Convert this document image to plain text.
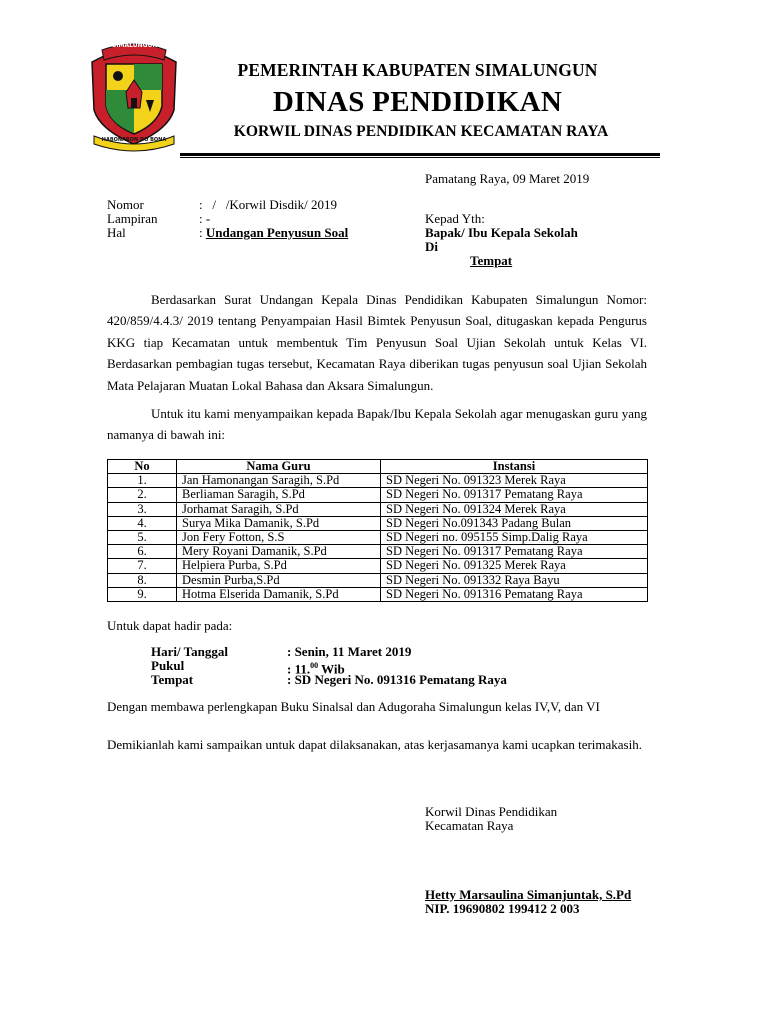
SIMALUNGUN
HABONARON DO BONA
PEMERINTAH KABUPATEN SIMALUNGUN
DINAS PENDIDIKAN
KORWIL DINAS PENDIDIKAN KECAMATAN RAYA
Pamatang Raya, 09 Maret 2019
Nomor	:   /   /Korwil Disdik/ 2019
Lampiran	: -
Hal	: Undangan Penyusun Soal
Kepad Yth:
Bapak/ Ibu Kepala Sekolah
Di
Tempat
Berdasarkan Surat Undangan Kepala Dinas Pendidikan Kabupaten Simalungun Nomor: 420/859/4.4.3/ 2019 tentang Penyampaian Hasil Bimtek Penyusun Soal, ditugaskan kepada Pengurus KKG tiap Kecamatan untuk membentuk Tim Penyusun Soal Ujian Sekolah untuk Kelas VI. Berdasarkan pembagian tugas tersebut, Kecamatan Raya diberikan tugas penyusun soal Ujian Sekolah Mata Pelajaran Muatan Lokal Bahasa dan Aksara Simalungun.
Untuk itu kami menyampaikan kepada Bapak/Ibu Kepala Sekolah agar menugaskan guru yang namanya di bawah ini:
No	Nama Guru	Instansi
1.	Jan Hamonangan Saragih, S.Pd	SD Negeri No. 091323 Merek Raya
2.	Berliaman Saragih, S.Pd	SD Negeri No. 091317 Pematang Raya
3.	Jorhamat Saragih, S.Pd	SD Negeri No. 091324 Merek Raya
4.	Surya Mika Damanik, S.Pd	SD Negeri No.091343 Padang Bulan
5.	Jon Fery Fotton, S.S	SD Negeri no. 095155 Simp.Dalig Raya
6.	Mery Royani Damanik, S.Pd	SD Negeri No. 091317 Pematang Raya
7.	Helpiera Purba, S.Pd	SD Negeri No. 091325 Merek Raya
8.	Desmin Purba,S.Pd	SD Negeri No. 091332 Raya Bayu
9.	Hotma Elserida Damanik, S.Pd	SD Negeri No. 091316 Pematang Raya
Untuk dapat hadir pada:
Hari/ Tanggal	: Senin, 11 Maret 2019
Pukul	: 11.00 Wib
Tempat	: SD Negeri No. 091316 Pematang Raya
Dengan membawa perlengkapan Buku Sinalsal dan Adugoraha Simalungun kelas IV,V, dan VI
Demikianlah kami sampaikan untuk dapat dilaksanakan, atas kerjasamanya kami ucapkan terimakasih.
Korwil Dinas Pendidikan
Kecamatan Raya
Hetty Marsaulina Simanjuntak, S.Pd
NIP. 19690802 199412 2 003
